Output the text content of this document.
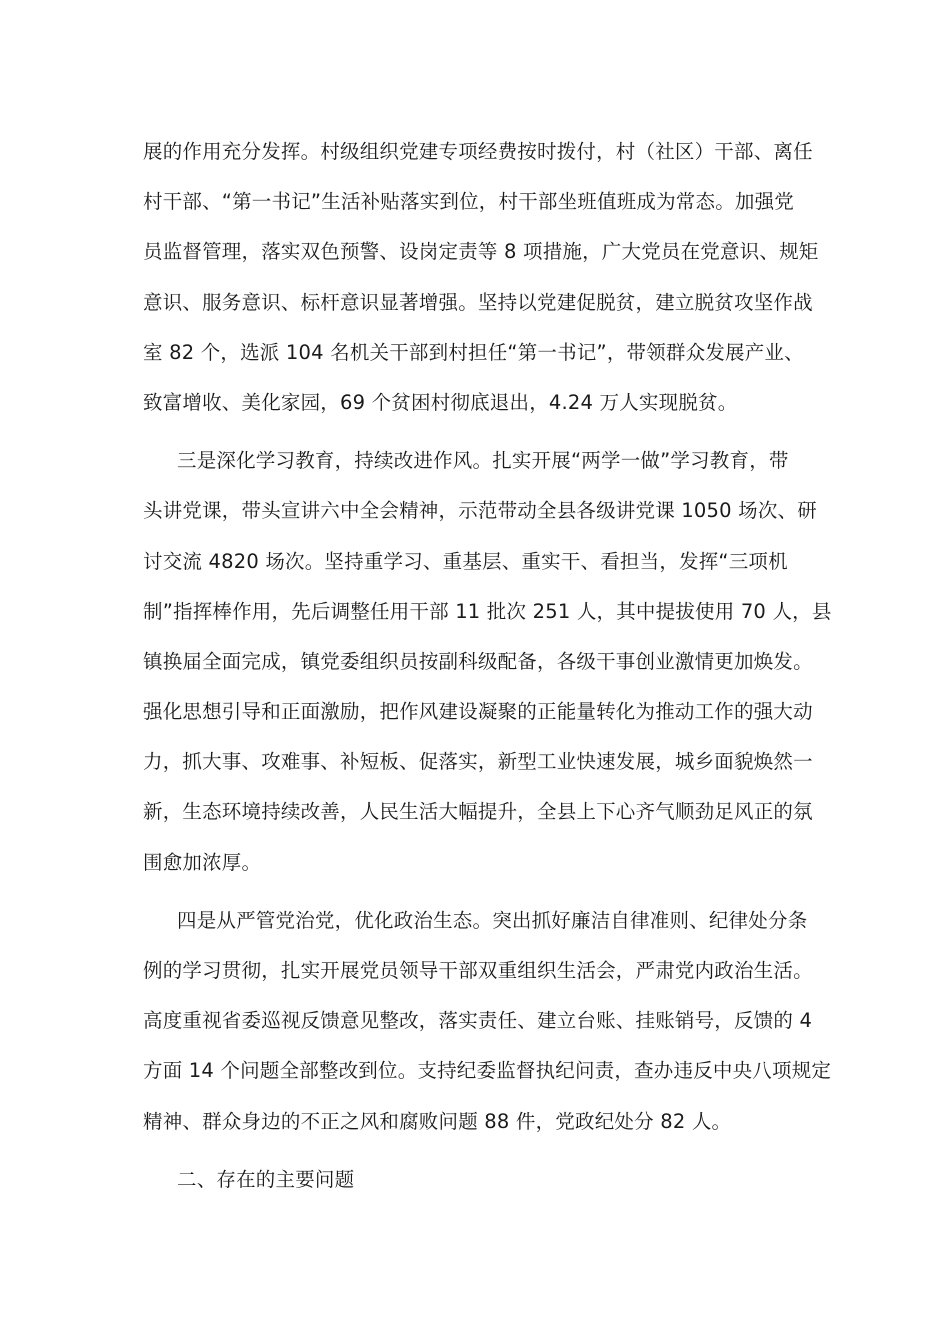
展的作用充分发挥。村级组织党建专项经费按时拨付，村（社区）干部、离任
村干部、“第一书记”生活补贴落实到位，村干部坐班值班成为常态。加强党
员监督管理，落实双色预警、设岗定责等 8 项措施，广大党员在党意识、规矩
意识、服务意识、标杆意识显著增强。坚持以党建促脱贫，建立脱贫攻坚作战
室 82 个，选派 104 名机关干部到村担任“第一书记”，带领群众发展产业、
致富增收、美化家园，69 个贫困村彻底退出，4.24 万人实现脱贫。
三是深化学习教育，持续改进作风。扎实开展“两学一做”学习教育，带
头讲党课，带头宣讲六中全会精神，示范带动全县各级讲党课 1050 场次、研
讨交流 4820 场次。坚持重学习、重基层、重实干、看担当，发挥“三项机
制”指挥棒作用，先后调整任用干部 11 批次 251 人，其中提拔使用 70 人，县
镇换届全面完成，镇党委组织员按副科级配备，各级干事创业激情更加焕发。
强化思想引导和正面激励，把作风建设凝聚的正能量转化为推动工作的强大动
力，抓大事、攻难事、补短板、促落实，新型工业快速发展，城乡面貌焕然一
新，生态环境持续改善，人民生活大幅提升，全县上下心齐气顺劲足风正的氛
围愈加浓厚。
四是从严管党治党，优化政治生态。突出抓好廉洁自律准则、纪律处分条
例的学习贯彻，扎实开展党员领导干部双重组织生活会，严肃党内政治生活。
高度重视省委巡视反馈意见整改，落实责任、建立台账、挂账销号，反馈的 4
方面 14 个问题全部整改到位。支持纪委监督执纪问责，查办违反中央八项规定
精神、群众身边的不正之风和腐败问题 88 件，党政纪处分 82 人。
二、存在的主要问题
